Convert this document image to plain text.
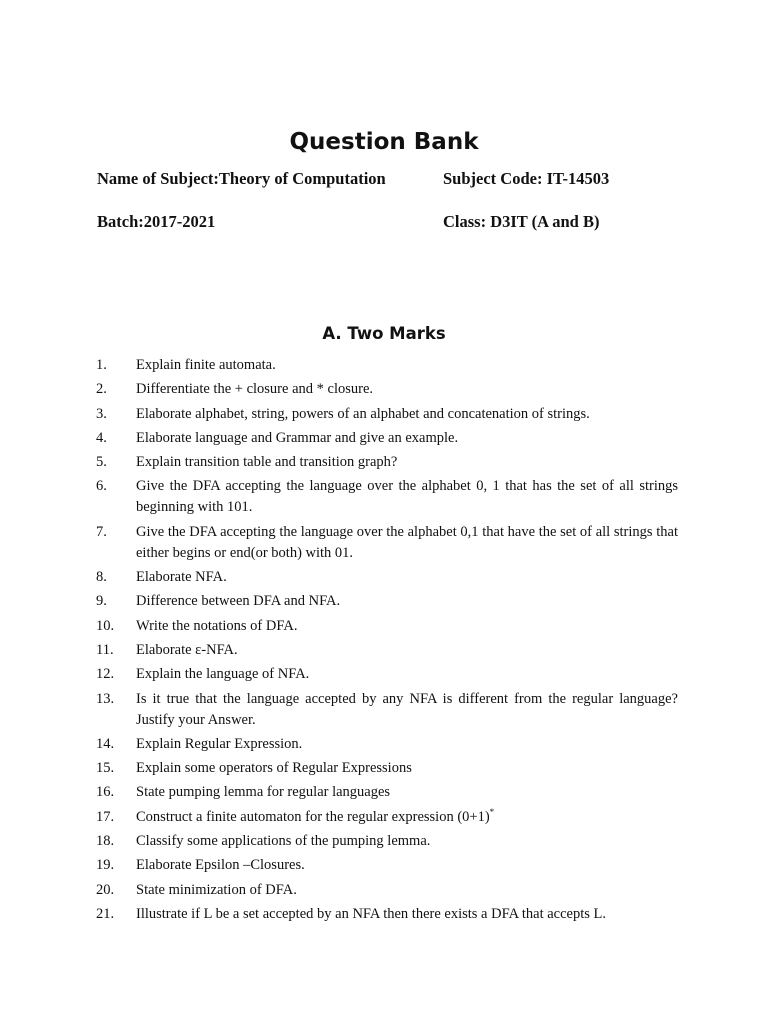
Question Bank
Name of Subject:Theory of Computation	Subject Code: IT-14503
Batch:2017-2021	Class: D3IT (A and B)
A. Two Marks
1.	Explain finite automata.
2.	Differentiate the + closure and * closure.
3.	Elaborate alphabet, string, powers of an alphabet and concatenation of strings.
4.	Elaborate language and Grammar and give an example.
5.	Explain transition table and transition graph?
6.	Give the DFA accepting the language over the alphabet 0, 1 that has the set of all strings beginning with 101.
7.	Give the DFA accepting the language over the alphabet 0,1 that have the set of all strings that either begins or end(or both) with 01.
8.	Elaborate NFA.
9.	Difference between DFA and NFA.
10.	Write the notations of DFA.
11.	Elaborate ε-NFA.
12.	Explain the language of NFA.
13.	Is it true that the language accepted by any NFA is different from the regular language? Justify your Answer.
14.	Explain Regular Expression.
15.	Explain some operators of Regular Expressions
16.	State pumping lemma for regular languages
17.	Construct a finite automaton for the regular expression (0+1)*
18.	Classify some applications of the pumping lemma.
19.	Elaborate Epsilon –Closures.
20.	State minimization of DFA.
21.	Illustrate if L be a set accepted by an NFA then there exists a DFA that accepts L.
